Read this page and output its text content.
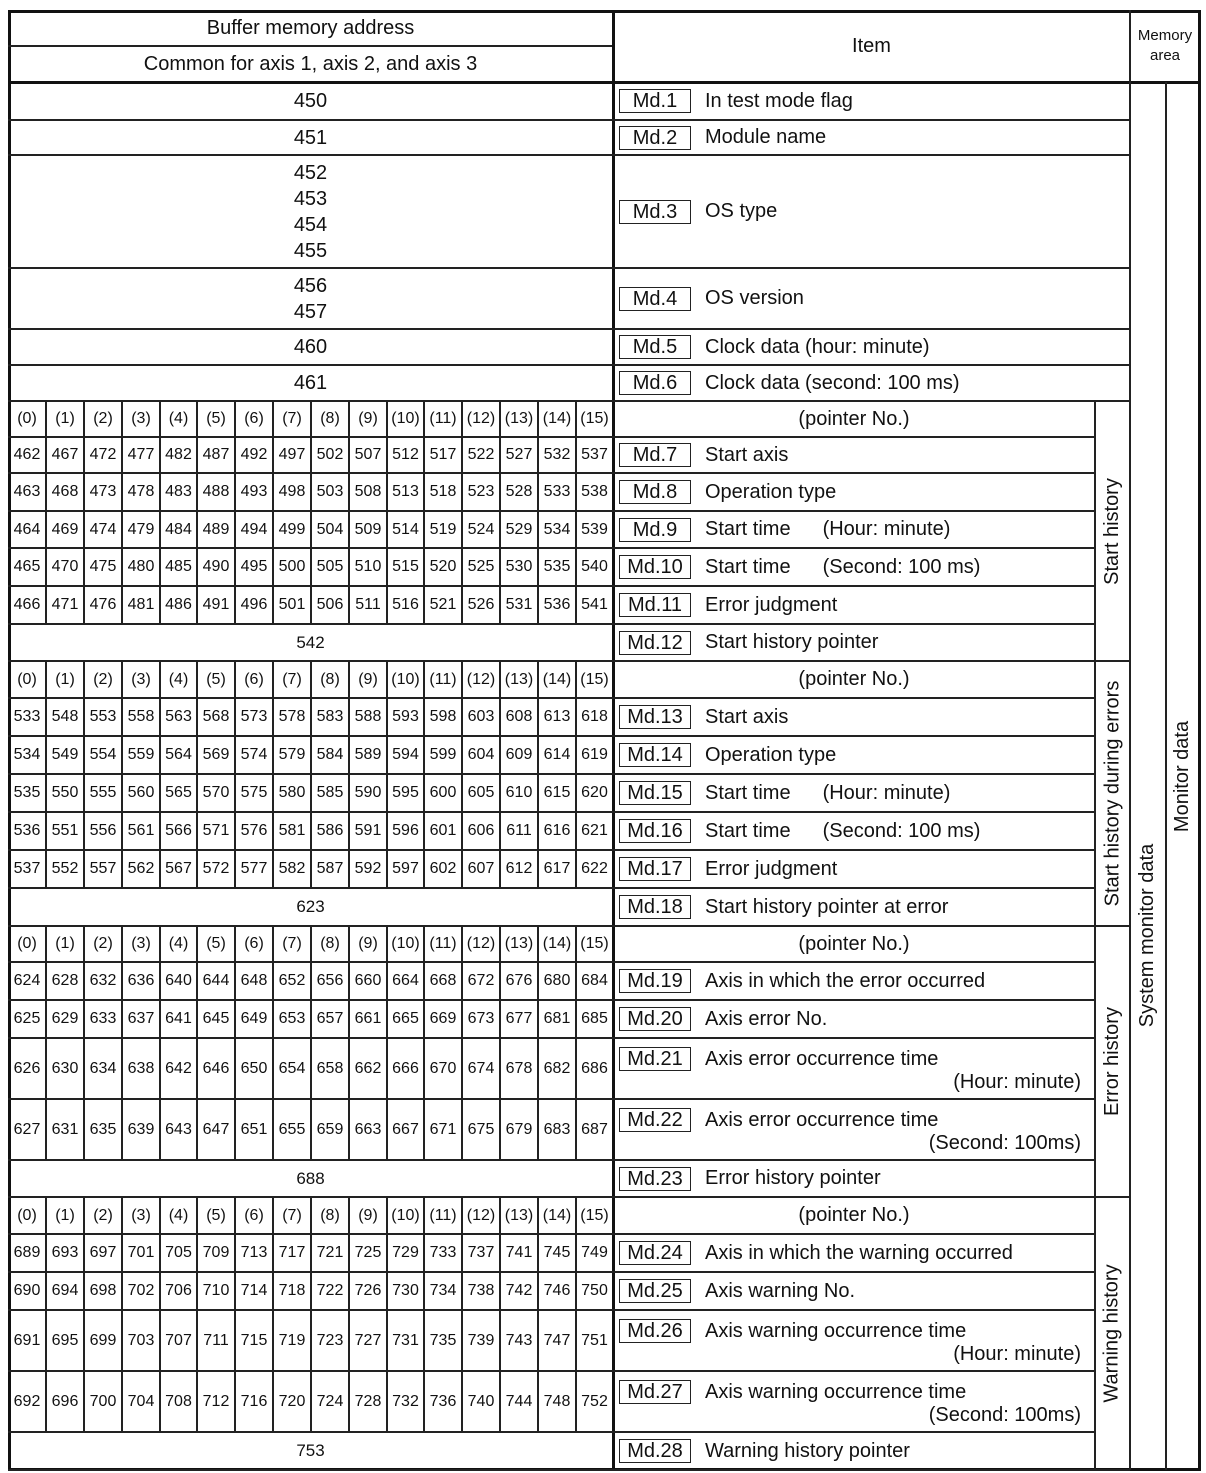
Buffer memory address
Common for axis 1, axis 2, and axis 3
Item	Memory
area
450	Md.1	In test mode flag
451	Md.2	Module name
452
453
454
455
Md.3	OS type
456
457
Md.4	OS version
460	Md.5	Clock data (hour: minute)
461	Md.6	Clock data (second: 100 ms)
Start history
(0)	(1)	(2)	(3)	(4)	(5)	(6)	(7)	(8)	(9) (10) (11) (12) (13) (14) (15)	(pointer No.)
462 467 472 477 482 487 492 497 502 507 512 517 522 527 532 537	Md.7	Start axis
463 468 473 478 483 488 493 498 503 508 513 518 523 528 533 538	Md.8	Operation type
464 469 474 479 484 489 494 499 504 509 514 519 524 529 534 539	Md.9	Start time (Hour: minute)
465 470 475 480 485 490 495 500 505 510 515 520 525 530 535 540 Md.10	Start time (Second: 100 ms)
466 471 476 481 486 491 496 501 506 511 516 521 526 531 536 541	Md.11	Error judgment
542	Md.12	Start history pointer
Start history during errors
(0)	(1)	(2)	(3)	(4)	(5)	(6)	(7)	(8)	(9) (10) (11) (12) (13) (14) (15)	(pointer No.)
533 548 553 558 563 568 573 578 583 588 593 598 603 608 613 618 Md.13	Start axis
534 549 554 559 564 569 574 579 584 589 594 599 604 609 614 619 Md.14	Operation type
535 550 555 560 565 570 575 580 585 590 595 600 605 610 615 620 Md.15	Start time (Hour: minute)
536 551 556 561 566 571 576 581 586 591 596 601 606 611 616 621 Md.16	Start time (Second: 100 ms)
537 552 557 562 567 572 577 582 587 592 597 602 607 612 617 622 Md.17	Error judgment
623	Md.18	Start history pointer at error
Error history
(0)	(1)	(2)	(3)	(4)	(5)	(6)	(7)	(8)	(9) (10) (11) (12) (13) (14) (15)	(pointer No.)
624 628 632 636 640 644 648 652 656 660 664 668 672 676 680 684 Md.19	Axis in which the error occurred
625 629 633 637 641 645 649 653 657 661 665 669 673 677 681 685 Md.20	Axis error No.
626 630 634 638 642 646 650 654 658 662 666 670 674 678 682 686 Md.21	Axis error occurrence time
(Hour: minute)
627 631 635 639 643 647 651 655 659 663 667 671 675 679 683 687 Md.22	Axis error occurrence time
(Second: 100ms)
688	Md.23	Error history pointer
Warning history
(0)	(1)	(2)	(3)	(4)	(5)	(6)	(7)	(8)	(9) (10) (11) (12) (13) (14) (15)	(pointer No.)
689 693 697 701 705 709 713 717 721 725 729 733 737 741 745 749 Md.24	Axis in which the warning occurred
690 694 698 702 706 710 714 718 722 726 730 734 738 742 746 750 Md.25	Axis warning No.
691 695 699 703 707 711 715 719 723 727 731 735 739 743 747 751 Md.26	Axis warning occurrence time
(Hour: minute)
692 696 700 704 708 712 716 720 724 728 732 736 740 744 748 752 Md.27	Axis warning occurrence time
(Second: 100ms)
753	Md.28	Warning history pointer
System monitor data
Monitor data
